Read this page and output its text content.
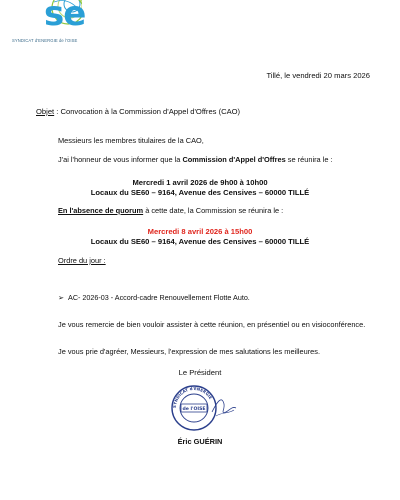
se
SYNDICAT d'ENERGIE de l'OISE
Tillé, le vendredi 20 mars 2026
Objet : Convocation à la Commission d'Appel d'Offres (CAO)
Messieurs les membres titulaires de la CAO,
J'ai l'honneur de vous informer que la Commission d'Appel d'Offres se réunira le :
Mercredi 1 avril 2026 de 9h00 à 10h00
Locaux du SE60 – 9164, Avenue des Censives – 60000 TILLÉ
En l'absence de quorum à cette date, la Commission se réunira le :
Mercredi 8 avril 2026 à 15h00
Locaux du SE60 – 9164, Avenue des Censives – 60000 TILLÉ
Ordre du jour :
➢ AC- 2026-03 - Accord-cadre Renouvellement Flotte Auto.
Je vous remercie de bien vouloir assister à cette réunion, en présentiel ou en visioconférence.
Je vous prie d'agréer, Messieurs, l'expression de mes salutations les meilleures.
Le Président
de l'OISE
SYNDICAT d'ENERGIE
Éric GUÉRIN
